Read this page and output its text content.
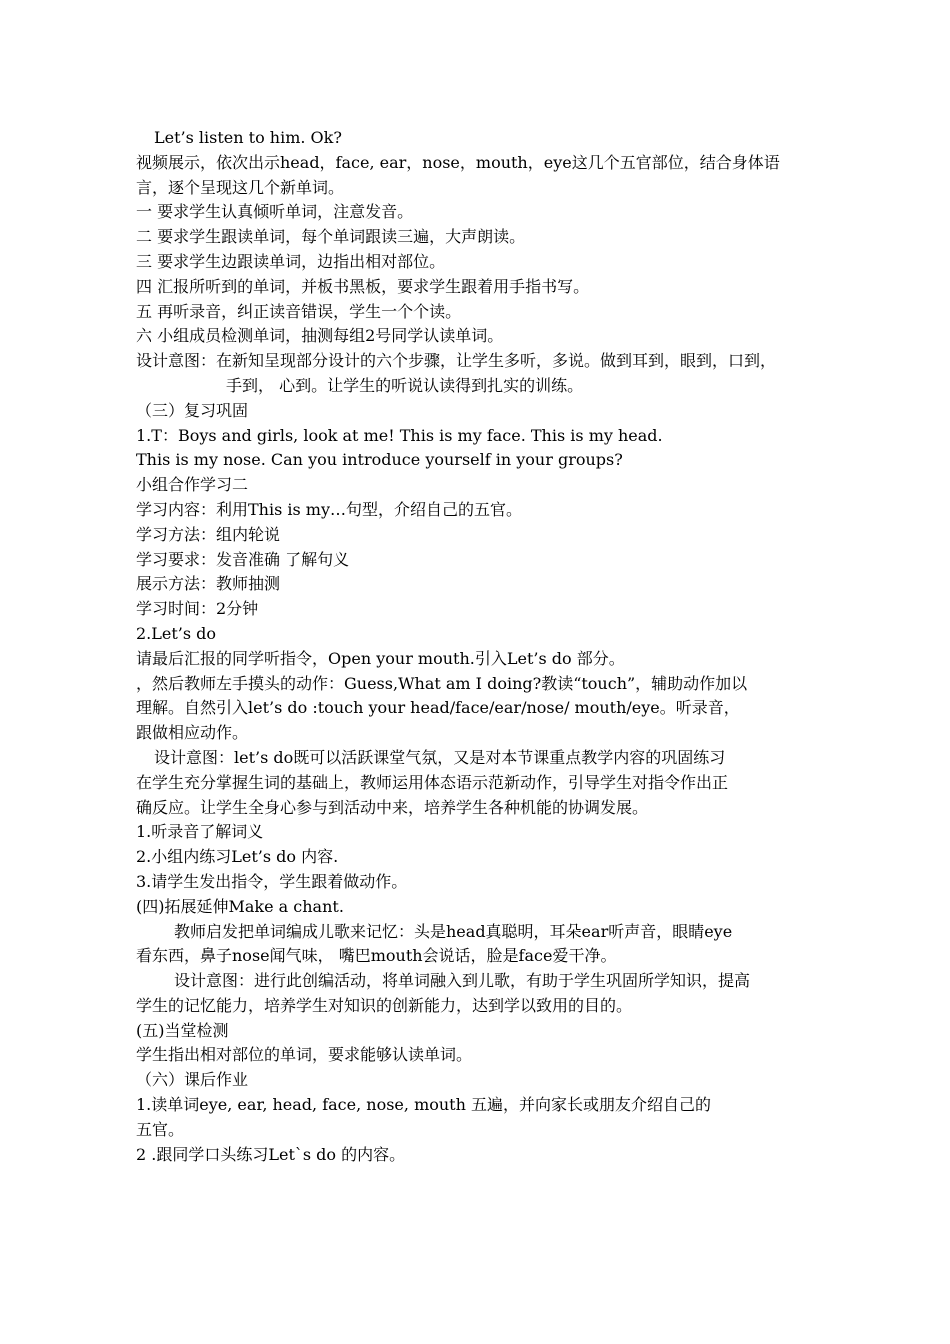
Let’s listen to him. Ok?
视频展示，依次出示head，face, ear，nose，mouth，eye这几个五官部位，结合身体语
言，逐个呈现这几个新单词。
一 要求学生认真倾听单词，注意发音。
二 要求学生跟读单词，每个单词跟读三遍，大声朗读。
三 要求学生边跟读单词，边指出相对部位。
四 汇报所听到的单词，并板书黑板，要求学生跟着用手指书写。
五 再听录音，纠正读音错误，学生一个个读。
六 小组成员检测单词，抽测每组2号同学认读单词。
设计意图：在新知呈现部分设计的六个步骤，让学生多听，多说。做到耳到，眼到，口到，
手到， 心到。让学生的听说认读得到扎实的训练。
（三）复习巩固
1.T：Boys and girls, look at me! This is my face. This is my head.
This is my nose. Can you introduce yourself in your groups?
小组合作学习二
学习内容：利用This is my…句型，介绍自己的五官。
学习方法：组内轮说
学习要求：发音准确 了解句义
展示方法：教师抽测
学习时间：2分钟
2.Let’s do
请最后汇报的同学听指令，Open your mouth.引入Let’s do 部分。
，然后教师左手摸头的动作：Guess,What am I doing?教读“touch”，辅助动作加以
理解。自然引入let’s do :touch your head/face/ear/nose/ mouth/eye。听录音，
跟做相应动作。
设计意图：let’s do既可以活跃课堂气氛，又是对本节课重点教学内容的巩固练习
在学生充分掌握生词的基础上，教师运用体态语示范新动作，引导学生对指令作出正
确反应。让学生全身心参与到活动中来，培养学生各种机能的协调发展。
1.听录音了解词义
2.小组内练习Let’s do 内容.
3.请学生发出指令，学生跟着做动作。
(四)拓展延伸Make a chant.
教师启发把单词编成儿歌来记忆：头是head真聪明，耳朵ear听声音，眼睛eye
看东西，鼻子nose闻气味， 嘴巴mouth会说话，脸是face爱干净。
设计意图：进行此创编活动，将单词融入到儿歌，有助于学生巩固所学知识，提高
学生的记忆能力，培养学生对知识的创新能力，达到学以致用的目的。
(五)当堂检测
学生指出相对部位的单词，要求能够认读单词。
（六）课后作业
1.读单词eye, ear, head, face, nose, mouth 五遍，并向家长或朋友介绍自己的
五官。
2 .跟同学口头练习Let`s do 的内容。
